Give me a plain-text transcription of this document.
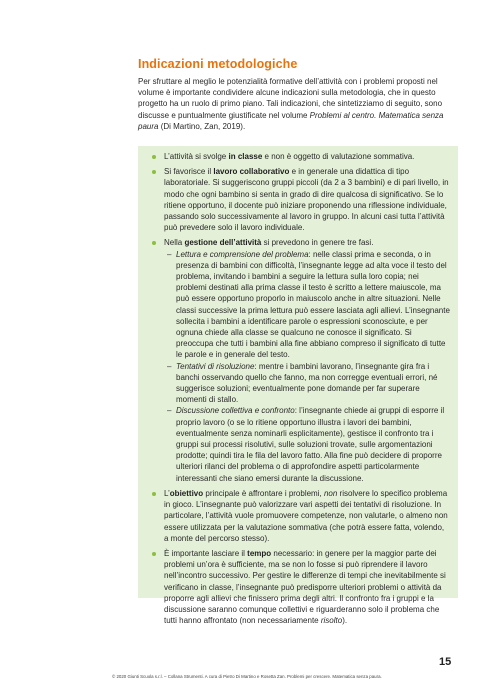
Indicazioni metodologiche

Per sfruttare al meglio le potenzialità formative dell’attività con i problemi proposti nel volume è importante condividere alcune indicazioni sulla metodologia, che in questo progetto ha un ruolo di primo piano. Tali indicazioni, che sintetizziamo di seguito, sono discusse e puntualmente giustificate nel volume Problemi al centro. Matematica senza paura (Di Martino, Zan, 2019).

L’attività si svolge in classe e non è oggetto di valutazione sommativa.
Si favorisce il lavoro collaborativo e in generale una didattica di tipo laboratoriale. Si suggeriscono gruppi piccoli (da 2 a 3 bambini) e di pari livello, in modo che ogni bambino si senta in grado di dire qualcosa di significativo. Se lo ritiene opportuno, il docente può iniziare proponendo una riflessione individuale, passando solo successivamente al lavoro in gruppo. In alcuni casi tutta l’attività può prevedere solo il lavoro individuale.
Nella gestione dell’attività si prevedono in genere tre fasi.
– Lettura e comprensione del problema: nelle classi prima e seconda, o in presenza di bambini con difficoltà, l’insegnante legge ad alta voce il testo del problema, invitando i bambini a seguire la lettura sulla loro copia; nei problemi destinati alla prima classe il testo è scritto a lettere maiuscole, ma può essere opportuno proporlo in maiuscolo anche in altre situazioni. Nelle classi successive la prima lettura può essere lasciata agli allievi. L’insegnante sollecita i bambini a identificare parole o espressioni sconosciute, e per ognuna chiede alla classe se qualcuno ne conosce il significato. Si preoccupa che tutti i bambini alla fine abbiano compreso il significato di tutte le parole e in generale del testo.
– Tentativi di risoluzione: mentre i bambini lavorano, l’insegnante gira fra i banchi osservando quello che fanno, ma non corregge eventuali errori, né suggerisce soluzioni; eventualmente pone domande per far superare momenti di stallo.
– Discussione collettiva e confronto: l’insegnante chiede ai gruppi di esporre il proprio lavoro (o se lo ritiene opportuno illustra i lavori dei bambini, eventualmente senza nominarli esplicitamente), gestisce il confronto tra i gruppi sui processi risolutivi, sulle soluzioni trovate, sulle argomentazioni prodotte; quindi tira le fila del lavoro fatto. Alla fine può decidere di proporre ulteriori rilanci del problema o di approfondire aspetti particolarmente interessanti che siano emersi durante la discussione.
L’obiettivo principale è affrontare i problemi, non risolvere lo specifico problema in gioco. L’insegnante può valorizzare vari aspetti dei tentativi di risoluzione. In particolare, l’attività vuole promuovere competenze, non valutarle, o almeno non essere utilizzata per la valutazione sommativa (che potrà essere fatta, volendo, a monte del percorso stesso).
È importante lasciare il tempo necessario: in genere per la maggior parte dei problemi un’ora è sufficiente, ma se non lo fosse si può riprendere il lavoro nell’incontro successivo. Per gestire le differenze di tempi che inevitabilmente si verificano in classe, l’insegnante può predisporre ulteriori problemi o attività da proporre agli allievi che finissero prima degli altri. Il confronto fra i gruppi e la discussione saranno comunque collettivi e riguarderanno solo il problema che tutti hanno affrontato (non necessariamente risolto).
15
© 2020 Giunti Scuola s.r.l. – Collana Strumenti. A cura di Pietro Di Martino e Rosetta Zan. Problemi per crescere. Matematica senza paura.
